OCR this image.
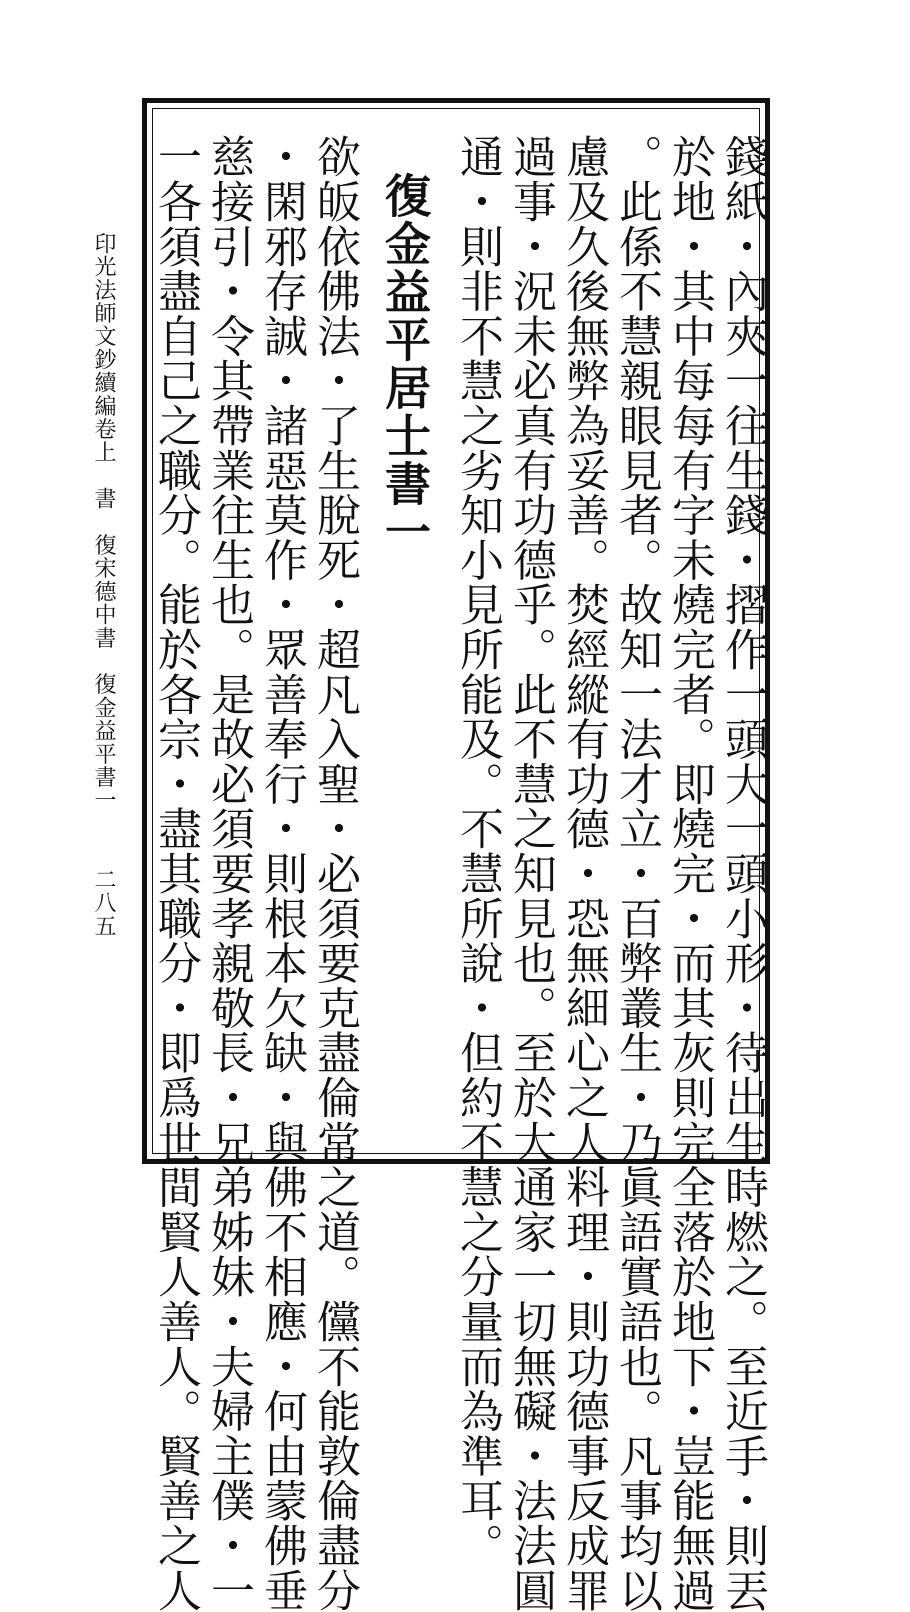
錢紙・內夾一往生錢・摺作一頭大一頭小形・待出生時燃之。至近手・則丟
於地・其中每每有字未燒完者。即燒完・而其灰則完全落於地下・豈能無過
。此係不慧親眼見者。故知一法才立・百弊叢生・乃眞語實語也。凡事均以
慮及久後無弊為妥善。焚經縱有功德・恐無細心之人料理・則功德事反成罪
過事・況未必真有功德乎。此不慧之知見也。至於大通家一切無礙・法法圓
通・則非不慧之劣知小見所能及。不慧所說・但約不慧之分量而為準耳。
復金益平居士書一
欲皈依佛法・了生脫死・超凡入聖・必須要克盡倫常之道。儻不能敦倫盡分
・閑邪存誠・諸惡莫作・眾善奉行・則根本欠缺・與佛不相應・何由蒙佛垂
慈接引・令其帶業往生也。是故必須要孝親敬長・兄弟姊妹・夫婦主僕・一
一各須盡自己之職分。能於各宗・盡其職分・即爲世間賢人善人。賢善之人
印光法師文鈔續編卷上　書　復宋德中書　復金益平書一
二八五
